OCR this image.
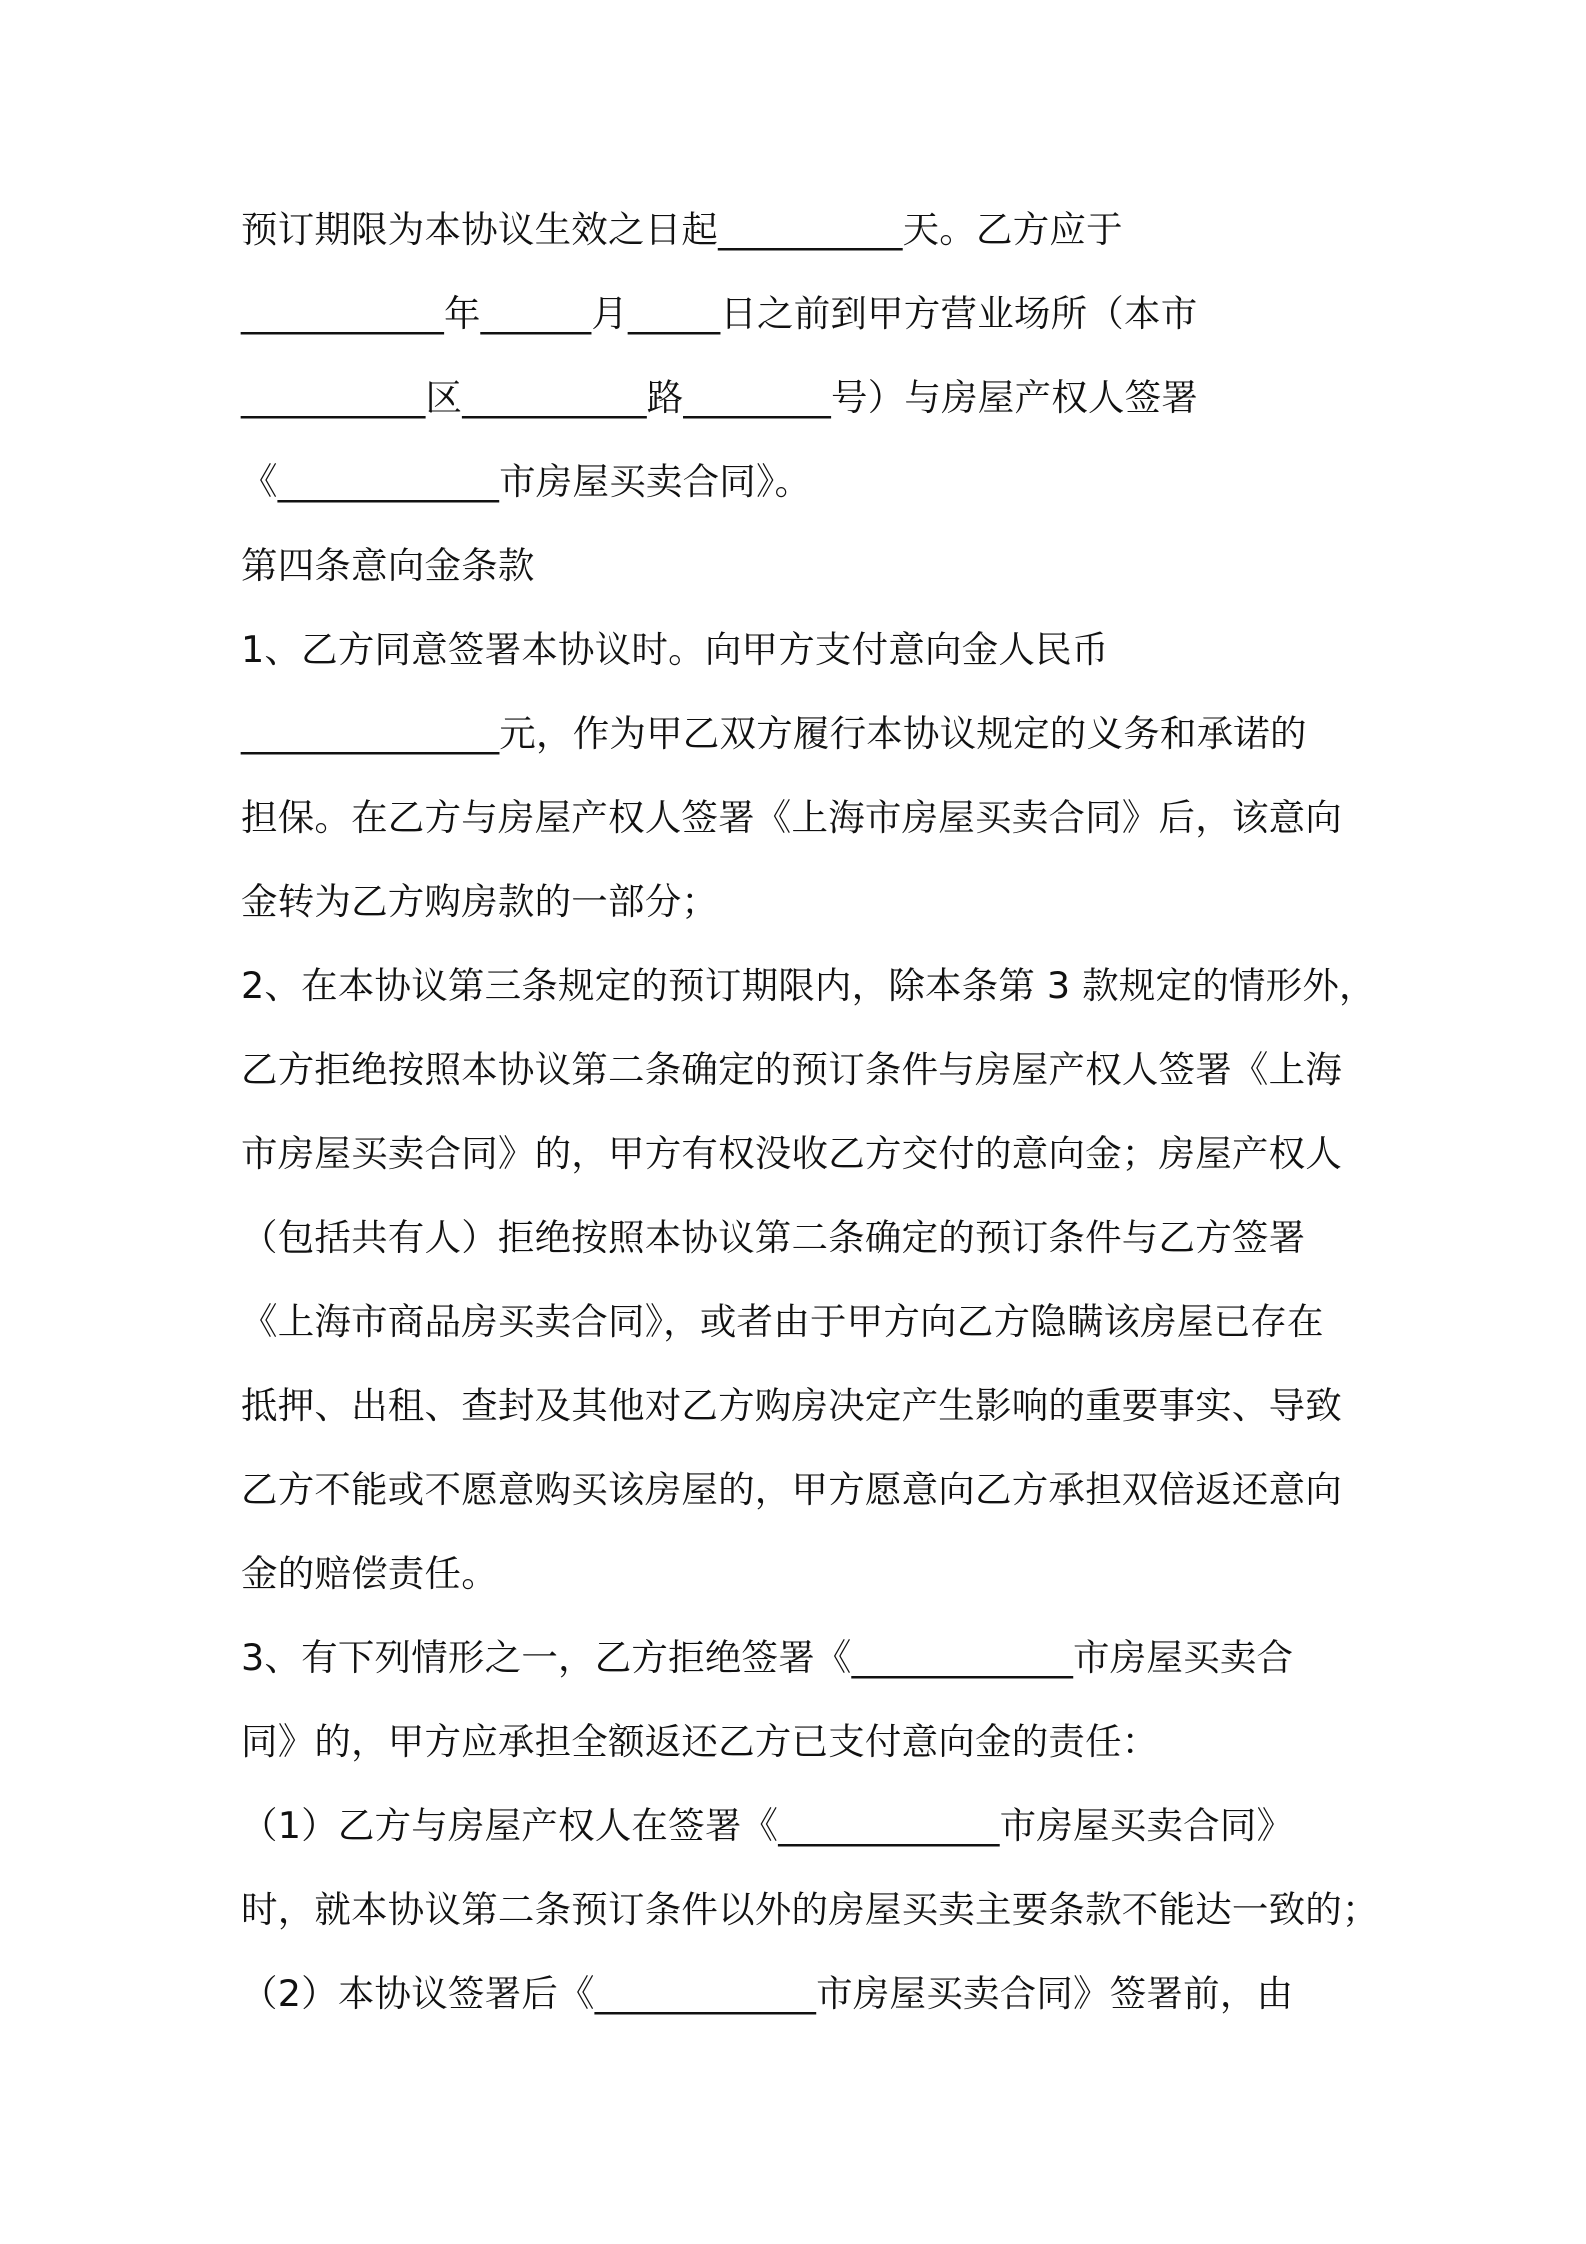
预订期限为本协议生效之日起__________天。乙方应于
___________年______月_____日之前到甲方营业场所（本市
__________区__________路________号）与房屋产权人签署
《____________市房屋买卖合同》。
第四条意向金条款
1、乙方同意签署本协议时。向甲方支付意向金人民币
______________元，作为甲乙双方履行本协议规定的义务和承诺的
担保。在乙方与房屋产权人签署《上海市房屋买卖合同》后，该意向
金转为乙方购房款的一部分；
2、在本协议第三条规定的预订期限内，除本条第 3 款规定的情形外，
乙方拒绝按照本协议第二条确定的预订条件与房屋产权人签署《上海
市房屋买卖合同》的，甲方有权没收乙方交付的意向金；房屋产权人
（包括共有人）拒绝按照本协议第二条确定的预订条件与乙方签署
《上海市商品房买卖合同》，或者由于甲方向乙方隐瞒该房屋已存在
抵押、出租、查封及其他对乙方购房决定产生影响的重要事实、导致
乙方不能或不愿意购买该房屋的，甲方愿意向乙方承担双倍返还意向
金的赔偿责任。
3、有下列情形之一，乙方拒绝签署《____________市房屋买卖合
同》的，甲方应承担全额返还乙方已支付意向金的责任：
（1）乙方与房屋产权人在签署《____________市房屋买卖合同》
时，就本协议第二条预订条件以外的房屋买卖主要条款不能达一致的；
（2）本协议签署后《____________市房屋买卖合同》签署前，由
